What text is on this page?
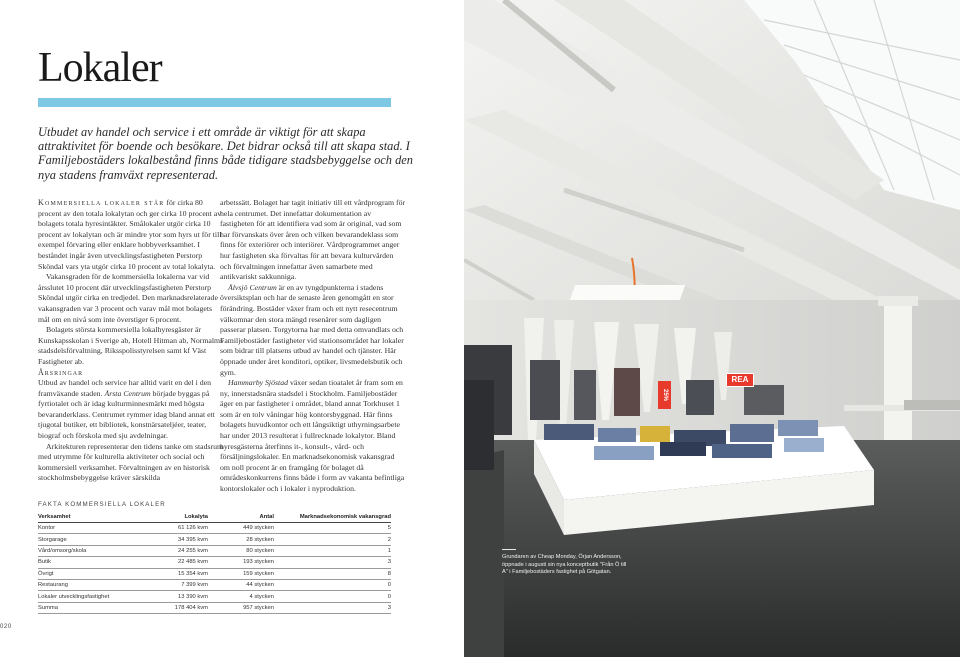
Lokaler

Utbudet av handel och service i ett område är viktigt för att skapa attraktivitet för boende och besökare. Det bidrar också till att skapa stad. I Familjebostäders lokalbestånd finns både tidigare stadsbebyggelse och den nya stadens framväxt representerad.

Kommersiella lokaler står för cirka 80 procent av den totala lokalytan och ger cirka 10 procent av bolagets totala hyresintäkter. Smålokaler utgör cirka 10 procent av lokalytan och är mindre ytor som hyrs ut för till exempel förvaring eller enklare hobbyverksamhet. I beståndet ingår även utvecklingsfastigheten Perstorp Sköndal vars yta utgör cirka 10 procent av total lokalyta.

Vakansgraden för de kommersiella lokalerna var vid årsslutet 10 procent där utvecklingsfastigheten Perstorp Sköndal utgör cirka en tredjedel. Den marknadsrelaterade vakansgraden var 3 procent och varav mål mot bolagets mål om en nivå som inte överstiger 6 procent.

Bolagets största kommersiella lokalhyresgäster är Kunskapsskolan i Sverige ab, Hotell Hitman ab, Normalms stadsdelsförvaltning, Riksspolisstyrelsen samt kf Väst Fastigheter ab.

Årsringar

Utbud av handel och service har alltid varit en del i den framväxande staden. Årsta Centrum började byggas på fyrtiotalet och är idag kulturminnesmärkt med högsta bevaranderklass. Centrumet rymmer idag bland annat ett tjugotal butiker, ett bibliotek, konstnärsateljéer, teater, biograf och förskola med sju avdelningar.

Arkitekturen representerar den tidens tanke om stadsrum med utrymme för kulturella aktiviteter och social och kommersiell verksamhet. Förvaltningen av en historisk stockholmsbebyggelse kräver särskilda

arbetssätt. Bolaget har tagit initiativ till ett vårdprogram för hela centrumet. Det innefattar dokumentation av fastigheten för att identifiera vad som är original, vad som har förvanskats över åren och vilken bevarandeklass som finns för exteriörer och interiörer. Vårdprogrammet anger hur fastigheten ska förvaltas för att bevara kulturvärden och förvaltningen innefattar även samarbete med antikvariskt sakkunniga.

Älvsjö Centrum är en av tyngdpunkterna i stadens översiktsplan och har de senaste åren genomgått en stor förändring. Bostäder växer fram och ett nytt resecentrum välkomnar den stora mängd resenärer som dagligen passerar platsen. Torgytorna har med detta omvandlats och Familjebostäder fastigheter vid stationsområdet har lokaler som bidrar till platsens utbud av handel och tjänster. Här öppnade under året konditori, optiker, livsmedelsbutik och gym.

Hammarby Sjöstad växer sedan tioatalet år fram som en ny, innerstadsnära stadsdel i Stockholm. Familjebostäder äger en par fastigheter i området, bland annat Torkhuset 1 som är en tolv våningar hög kontorsbyggnad. Här finns bolagets huvudkontor och ett långsiktigt uthyrningsarbete har under 2013 resulterat i fullrecknade lokalytor. Bland hyresgästerna återfinns it-, konsult-, vård- och försäljningslokaler. En marknadsekonomisk vakansgrad om noll procent är en framgång för bolaget då områdeskonkurrens finns både i form av vakanta befintliga kontorslokaler och i lokaler i nyproduktion.

FAKTA KOMMERSIELLA LOKALER
Verksamhet	Lokalyta	Antal	Marknadsekonomisk vakansgrad
Kontor	61 126 kvm	449 stycken	5
Storgarage	34 395 kvm	28 stycken	2
Vård/omsorg/skola	24 255 kvm	80 stycken	1
Butik	22 485 kvm	193 stycken	3
Övrigt	15 354 kvm	159 stycken	8
Restaurang	7 399 kvm	44 stycken	0
Lokaler utvecklingsfastighet	13 390 kvm	4 stycken	0
Summa	178 404 kvm	957 stycken	3
020
REA
25%

Grundaren av Cheap Monday, Örjan Andersson, öppnade i augusti sin nya konceptbutik "Från Ö till A" i Familjebostäders fastighet på Götgatan.
